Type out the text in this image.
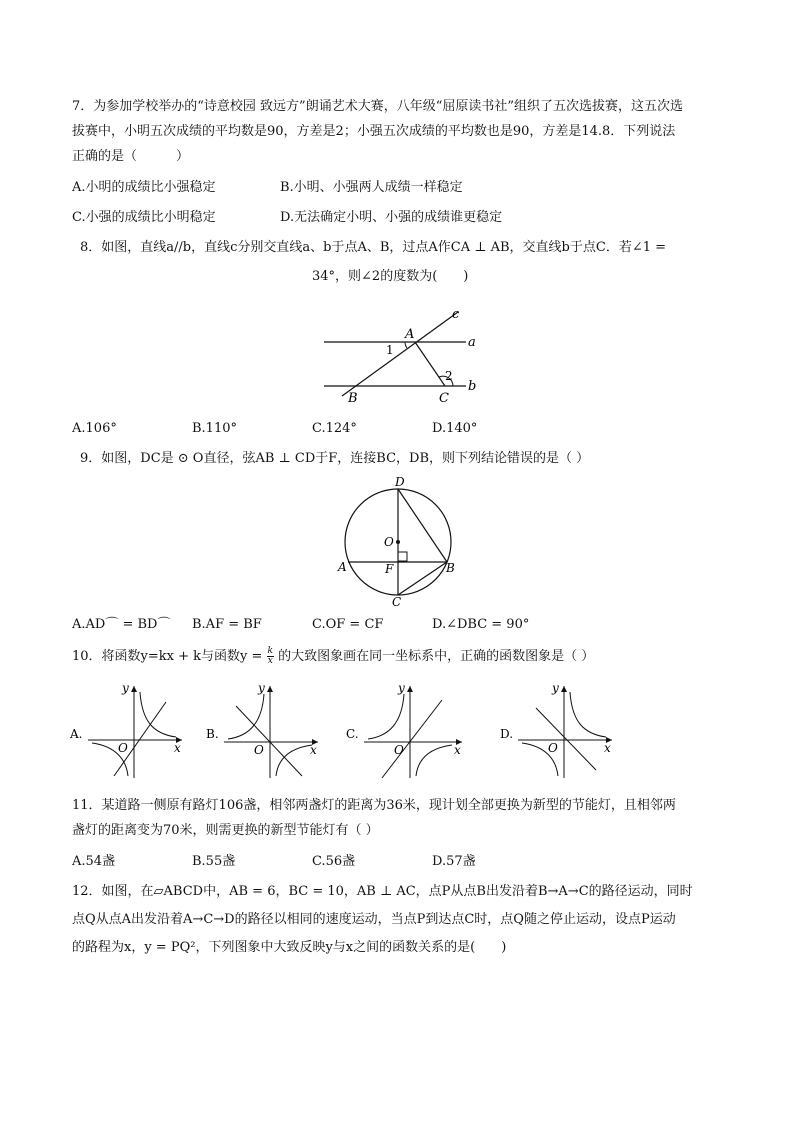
7．为参加学校举办的“诗意校园 致远方”朗诵艺术大赛，八年级“屈原读书社”组织了五次选拔赛，这五次选
拔赛中，小明五次成绩的平均数是90，方差是2；小强五次成绩的平均数也是90，方差是14.8．下列说法
正确的是（　　　）
A.小明的成绩比小强稳定	B.小明、小强两人成绩一样稳定
C.小强的成绩比小明稳定	D.无法确定小明、小强的成绩谁更稳定
8．如图，直线a//b，直线c分别交直线a、b于点A、B，过点A作CA ⊥ AB，交直线b于点C．若∠1 =
34°，则∠2的度数为(　　)
A
B	C
a
b
c
1
2
A.106°	B.110°	C.124°	D.140°
9．如图，DC是 ⊙ O直径，弦AB ⊥ CD于F，连接BC，DB，则下列结论错误的是（ ）
D
O
A	F	B
C
A.AD⌒ = BD⌒ B.AF = BF	C.OF = CF	D.∠DBC = 90°
10．将函数y=kx + k与函数$y = \frac{k}{x}$ 的大致图象画在同一坐标系中，正确的函数图象是（ ）
A.
y
x
O
B.
y
x
O
C.
y
x
O
D.
y
x
O
11．某道路一侧原有路灯106盏，相邻两盏灯的距离为36米，现计划全部更换为新型的节能灯，且相邻两
盏灯的距离变为70米，则需更换的新型节能灯有（ ）
A.54盏	B.55盏	C.56盏	D.57盏
12．如图，在▱ABCD中，AB = 6，BC = 10，AB ⊥ AC，点P从点B出发沿着B→A→C的路径运动，同时
点Q从点A出发沿着A→C→D的路径以相同的速度运动，当点P到达点C时，点Q随之停止运动，设点P运动
的路程为x，y = PQ²，下列图象中大致反映y与x之间的函数关系的是(　　)
